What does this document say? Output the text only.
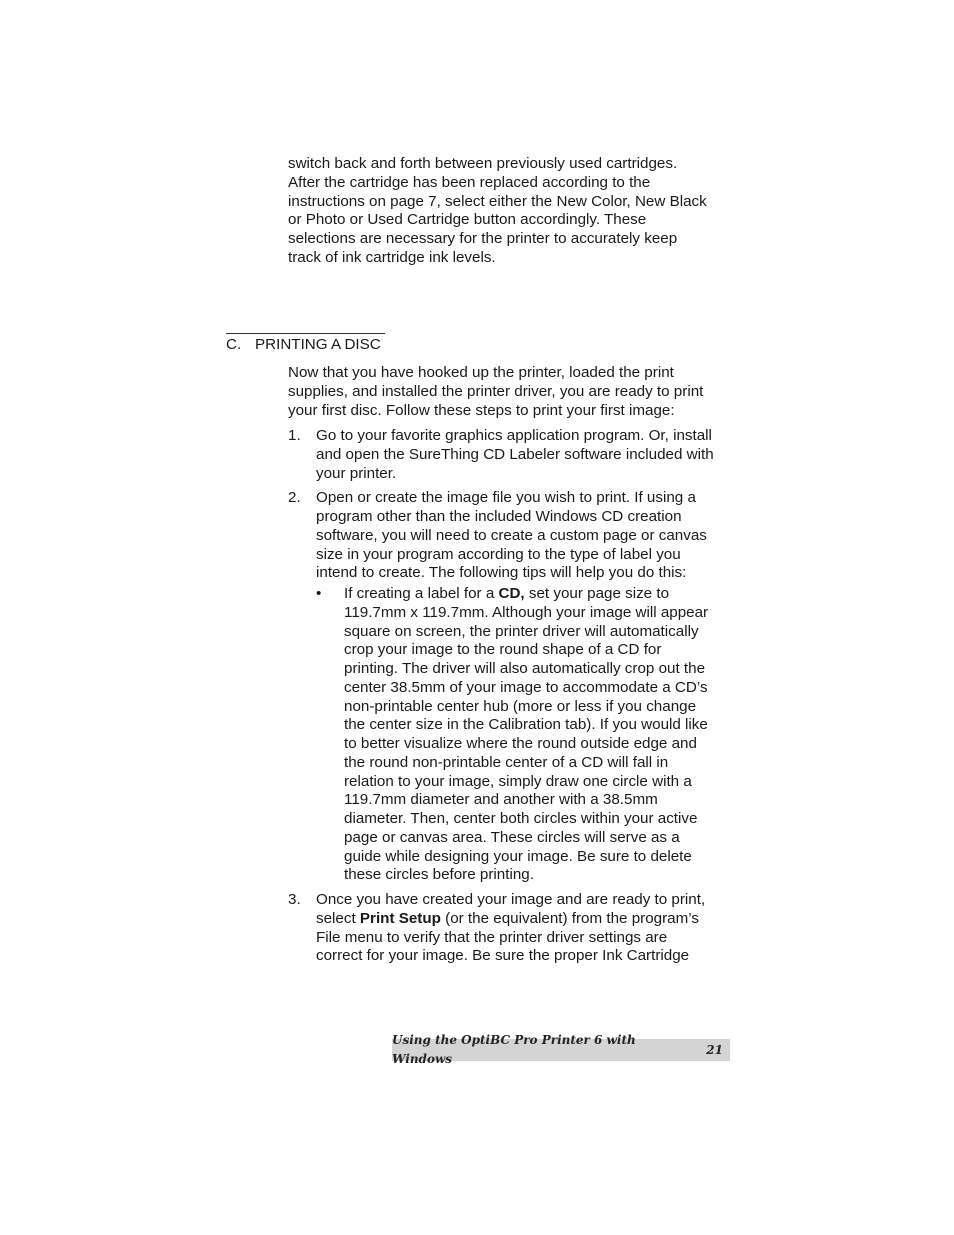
switch back and forth between previously used cartridges.

After the cartridge has been replaced according to the

instructions on page 7, select either the New Color, New Black

or Photo or Used Cartridge button accordingly. These

selections are necessary for the printer to accurately keep

track of ink cartridge ink levels.

C. PRINTING A DISC

Now that you have hooked up the printer, loaded the print

supplies, and installed the printer driver, you are ready to print

your first disc. Follow these steps to print your first image:

1.	Go to your favorite graphics application program. Or, install

and open the SureThing CD Labeler software included with

your printer.

2.	Open or create the image file you wish to print. If using a

program other than the included Windows CD creation

software, you will need to create a custom page or canvas

size in your program according to the type of label you

intend to create. The following tips will help you do this:

•	If creating a label for a CD, set your page size to

119.7mm x 119.7mm. Although your image will appear

square on screen, the printer driver will automatically

crop your image to the round shape of a CD for

printing. The driver will also automatically crop out the

center 38.5mm of your image to accommodate a CD’s

non-printable center hub (more or less if you change

the center size in the Calibration tab). If you would like

to better visualize where the round outside edge and

the round non-printable center of a CD will fall in

relation to your image, simply draw one circle with a

119.7mm diameter and another with a 38.5mm

diameter. Then, center both circles within your active

page or canvas area. These circles will serve as a

guide while designing your image. Be sure to delete

these circles before printing.

3.	Once you have created your image and are ready to print,

select Print Setup (or the equivalent) from the program’s

File menu to verify that the printer driver settings are

correct for your image. Be sure the proper Ink Cartridge

Using the OptiBC Pro Printer 6 with Windows
21
